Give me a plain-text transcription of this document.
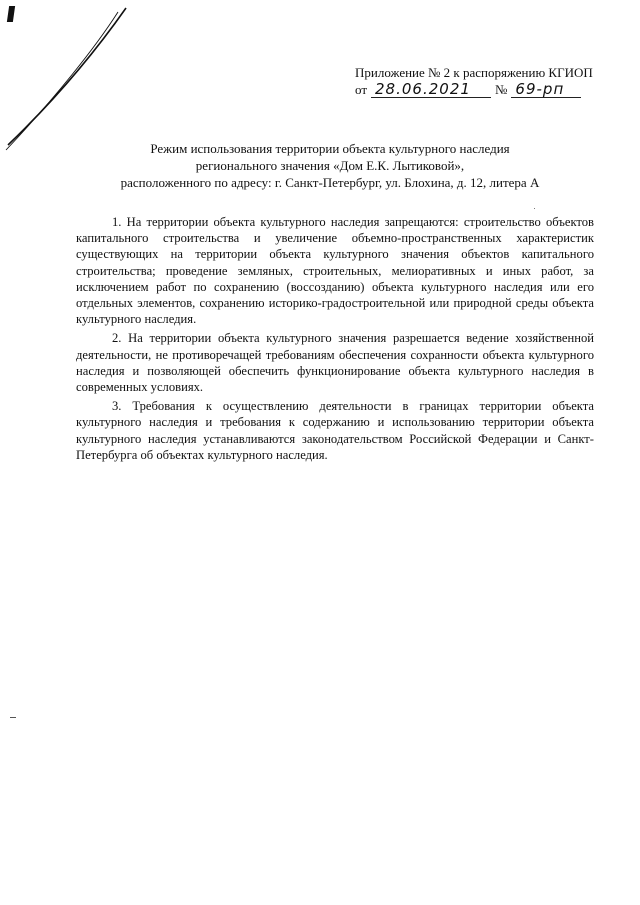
Приложение № 2 к распоряжению КГИОП
от 28.06.2021	№ 69-рп
Режим использования территории объекта культурного наследия
регионального значения «Дом Е.К. Лытиковой»,
расположенного по адресу: г. Санкт-Петербург, ул. Блохина, д. 12, литера А

1. На территории объекта культурного наследия запрещаются: строительство объектов капитального строительства и увеличение объемно-пространственных характеристик существующих на территории объекта культурного значения объектов капитального строительства; проведение земляных, строительных, мелиоративных и иных работ, за исключением работ по сохранению (воссозданию) объекта культурного наследия или его отдельных элементов, сохранению историко-градостроительной или природной среды объекта культурного наследия.

2. На территории объекта культурного значения разрешается ведение хозяйственной деятельности, не противоречащей требованиям обеспечения сохранности объекта культурного наследия и позволяющей обеспечить функционирование объекта культурного наследия в современных условиях.

3. Требования к осуществлению деятельности в границах территории объекта культурного наследия и требования к содержанию и использованию территории объекта культурного наследия устанавливаются законодательством Российской Федерации и Санкт-Петербурга об объектах культурного наследия.
